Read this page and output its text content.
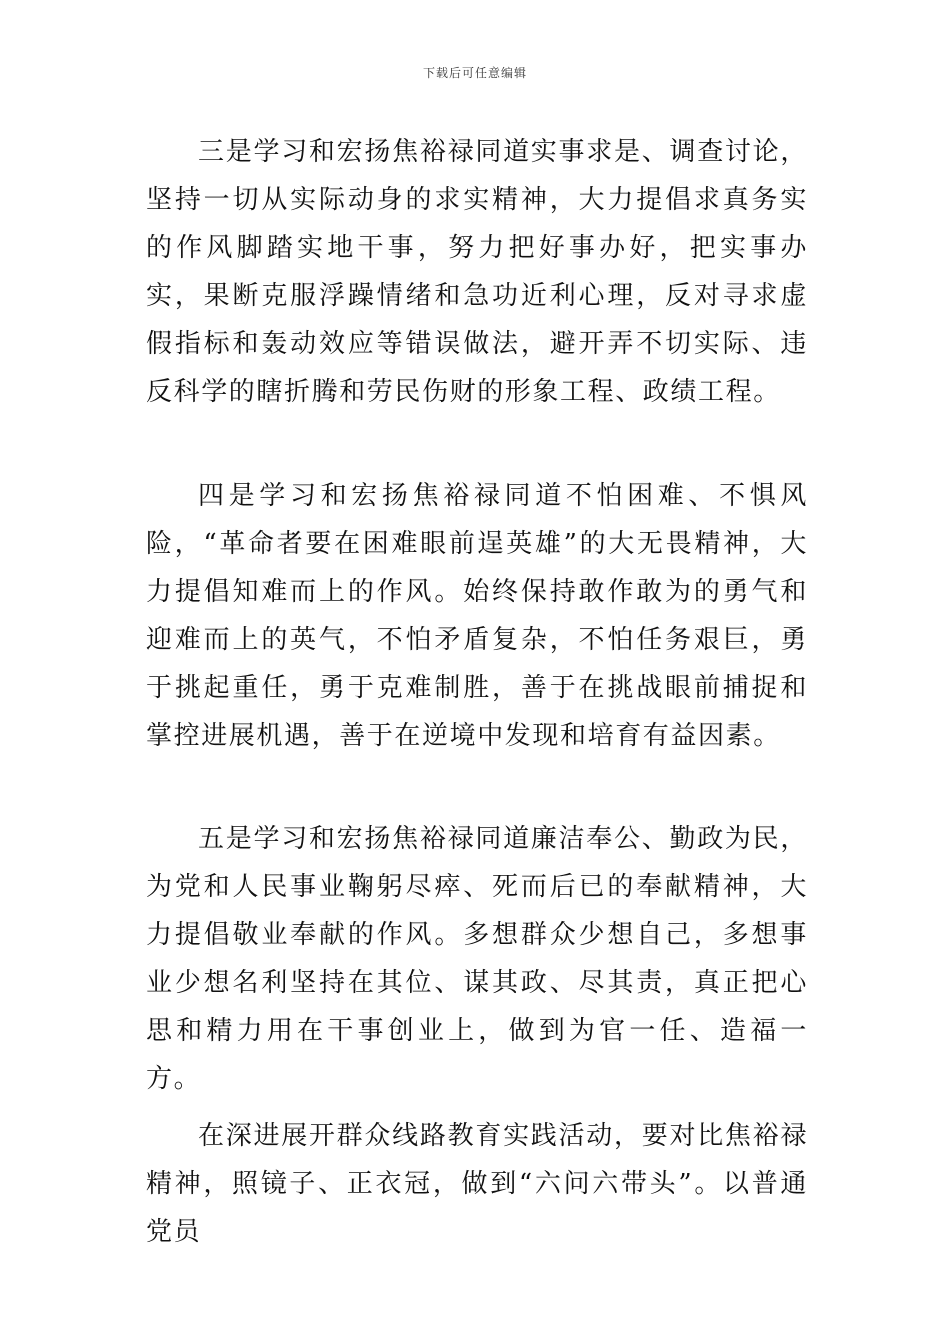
下载后可任意编辑

三是学习和宏扬焦裕禄同道实事求是、调查讨论，坚持一切从实际动身的求实精神，大力提倡求真务实的作风脚踏实地干事，努力把好事办好，把实事办实，果断克服浮躁情绪和急功近利心理，反对寻求虚假指标和轰动效应等错误做法，避开弄不切实际、违反科学的瞎折腾和劳民伤财的形象工程、政绩工程。

四是学习和宏扬焦裕禄同道不怕困难、不惧风险，“革命者要在困难眼前逞英雄”的大无畏精神，大力提倡知难而上的作风。始终保持敢作敢为的勇气和迎难而上的英气，不怕矛盾复杂，不怕任务艰巨，勇于挑起重任，勇于克难制胜，善于在挑战眼前捕捉和掌控进展机遇，善于在逆境中发现和培育有益因素。

五是学习和宏扬焦裕禄同道廉洁奉公、勤政为民，为党和人民事业鞠躬尽瘁、死而后已的奉献精神，大力提倡敬业奉献的作风。多想群众少想自己，多想事业少想名利坚持在其位、谋其政、尽其责，真正把心思和精力用在干事创业上，做到为官一任、造福一方。

在深进展开群众线路教育实践活动，要对比焦裕禄精神，照镜子、正衣冠，做到“六问六带头”。以普通党员
